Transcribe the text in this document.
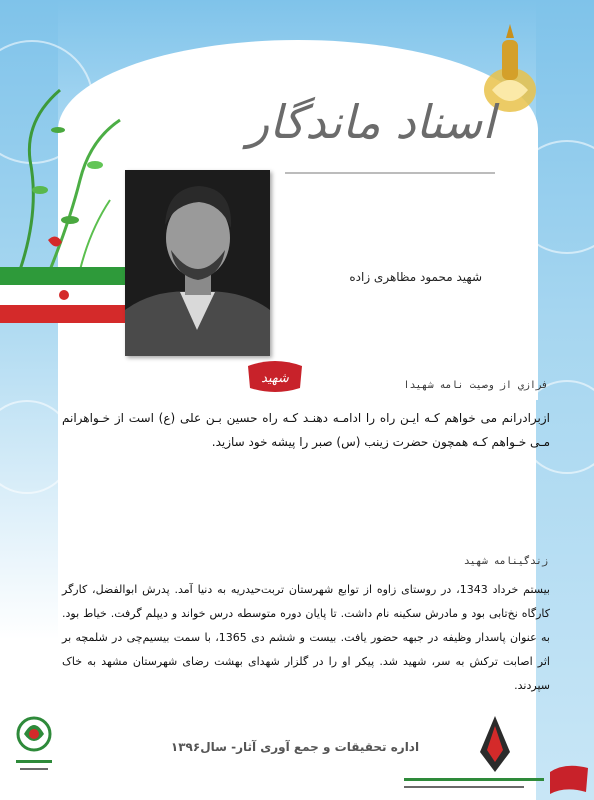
اسناد ماندگار
شهید محمود مظاهری زاده
شهید	فرازي از وصيت نامه شهيدا
ازبرادرانم می خواهم کـه ایـن راه را ادامـه دهنـد کـه راه حسین بـن علی (ع) است از خـواهرانم مـی خـواهم کـه همچون حضرت زینب (س) صبر را پیشه خود سازید.
زندگينامه شهيد
بیستم خرداد 1343، در روستای زاوه از توابع شهرستان تربت‌حیدریه به دنیا آمد. پدرش ابوالفضل، کارگر کارگاه نخ‌تابی بود و مادرش سکینه نام داشت. تا پایان دوره متوسطه درس خواند و دیپلم گرفت. خیاط بود. به عنوان پاسدار وظیفه در جبهه حضور یافت. بیست و ششم دی 1365، با سمت بیسیم‌چی در شلمچه بر اثر اصابت ترکش به سر، شهید شد. پیکر او را در گلزار شهدای بهشت رضای شهرستان مشهد به خاک سپردند.
اداره تحقیقات و جمع آوری آثار- سال۱۳۹۶
